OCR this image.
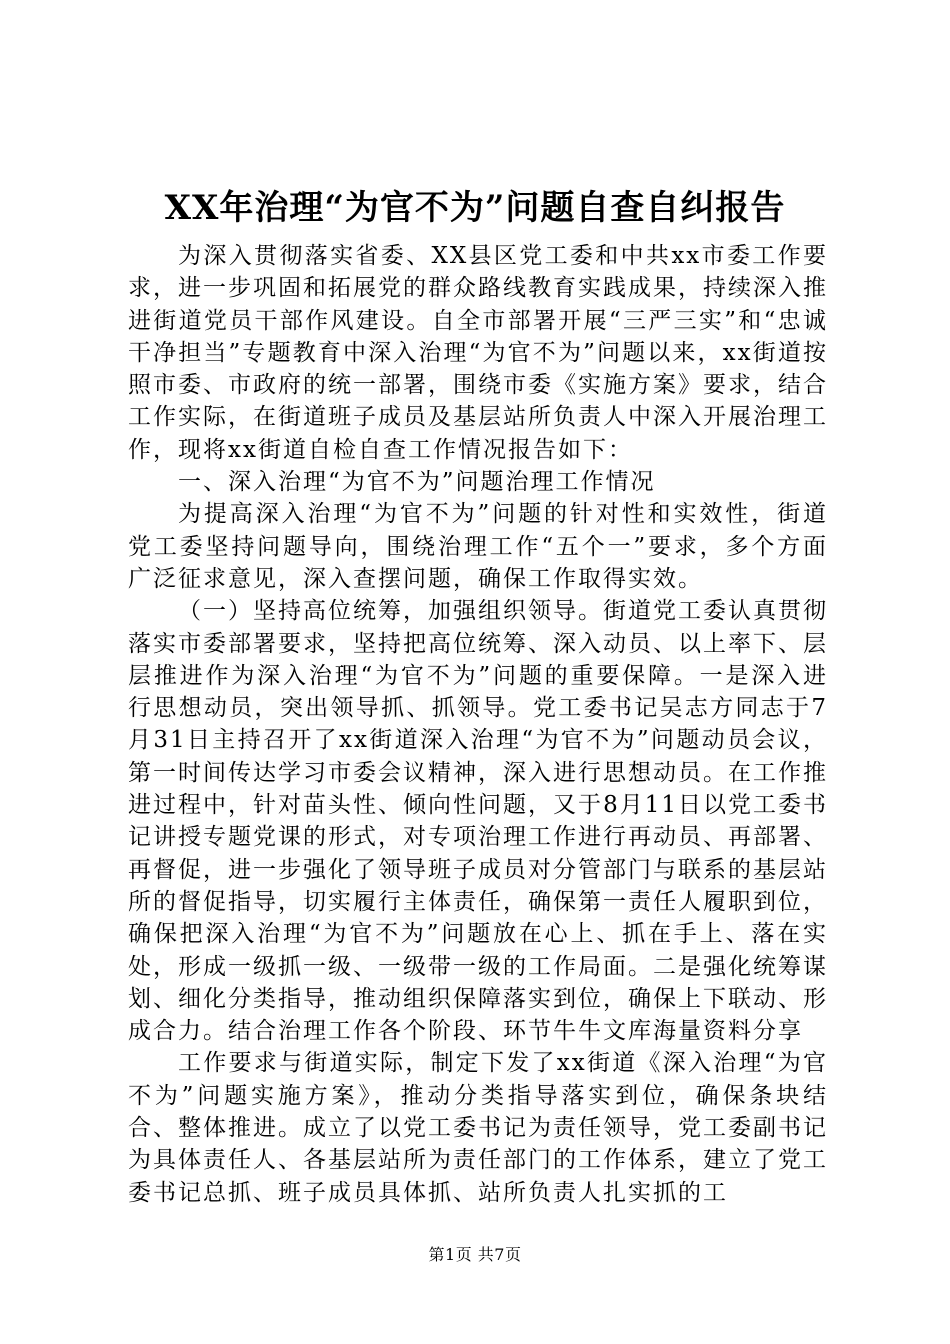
XX年治理“为官不为”问题自查自纠报告

为深入贯彻落实省委、XX县区党工委和中共xx市委工作要求，进一步巩固和拓展党的群众路线教育实践成果，持续深入推进街道党员干部作风建设。自全市部署开展“三严三实”和“忠诚干净担当”专题教育中深入治理“为官不为”问题以来，xx街道按照市委、市政府的统一部署，围绕市委《实施方案》要求，结合工作实际，在街道班子成员及基层站所负责人中深入开展治理工作，现将xx街道自检自查工作情况报告如下：

一、深入治理“为官不为”问题治理工作情况

为提高深入治理“为官不为”问题的针对性和实效性，街道党工委坚持问题导向，围绕治理工作“五个一”要求，多个方面广泛征求意见，深入查摆问题，确保工作取得实效。

（一）坚持高位统筹，加强组织领导。街道党工委认真贯彻落实市委部署要求，坚持把高位统筹、深入动员、以上率下、层层推进作为深入治理“为官不为”问题的重要保障。一是深入进行思想动员，突出领导抓、抓领导。党工委书记吴志方同志于7月31日主持召开了xx街道深入治理“为官不为”问题动员会议，第一时间传达学习市委会议精神，深入进行思想动员。在工作推进过程中，针对苗头性、倾向性问题，又于8月11日以党工委书记讲授专题党课的形式，对专项治理工作进行再动员、再部署、再督促，进一步强化了领导班子成员对分管部门与联系的基层站所的督促指导，切实履行主体责任，确保第一责任人履职到位，确保把深入治理“为官不为”问题放在心上、抓在手上、落在实处，形成一级抓一级、一级带一级的工作局面。二是强化统筹谋划、细化分类指导，推动组织保障落实到位，确保上下联动、形成合力。结合治理工作各个阶段、环节牛牛文库海量资料分享

工作要求与街道实际，制定下发了xx街道《深入治理“为官不为”问题实施方案》，推动分类指导落实到位，确保条块结合、整体推进。成立了以党工委书记为责任领导，党工委副书记为具体责任人、各基层站所为责任部门的工作体系，建立了党工委书记总抓、班子成员具体抓、站所负责人扎实抓的工

第1页 共7页
